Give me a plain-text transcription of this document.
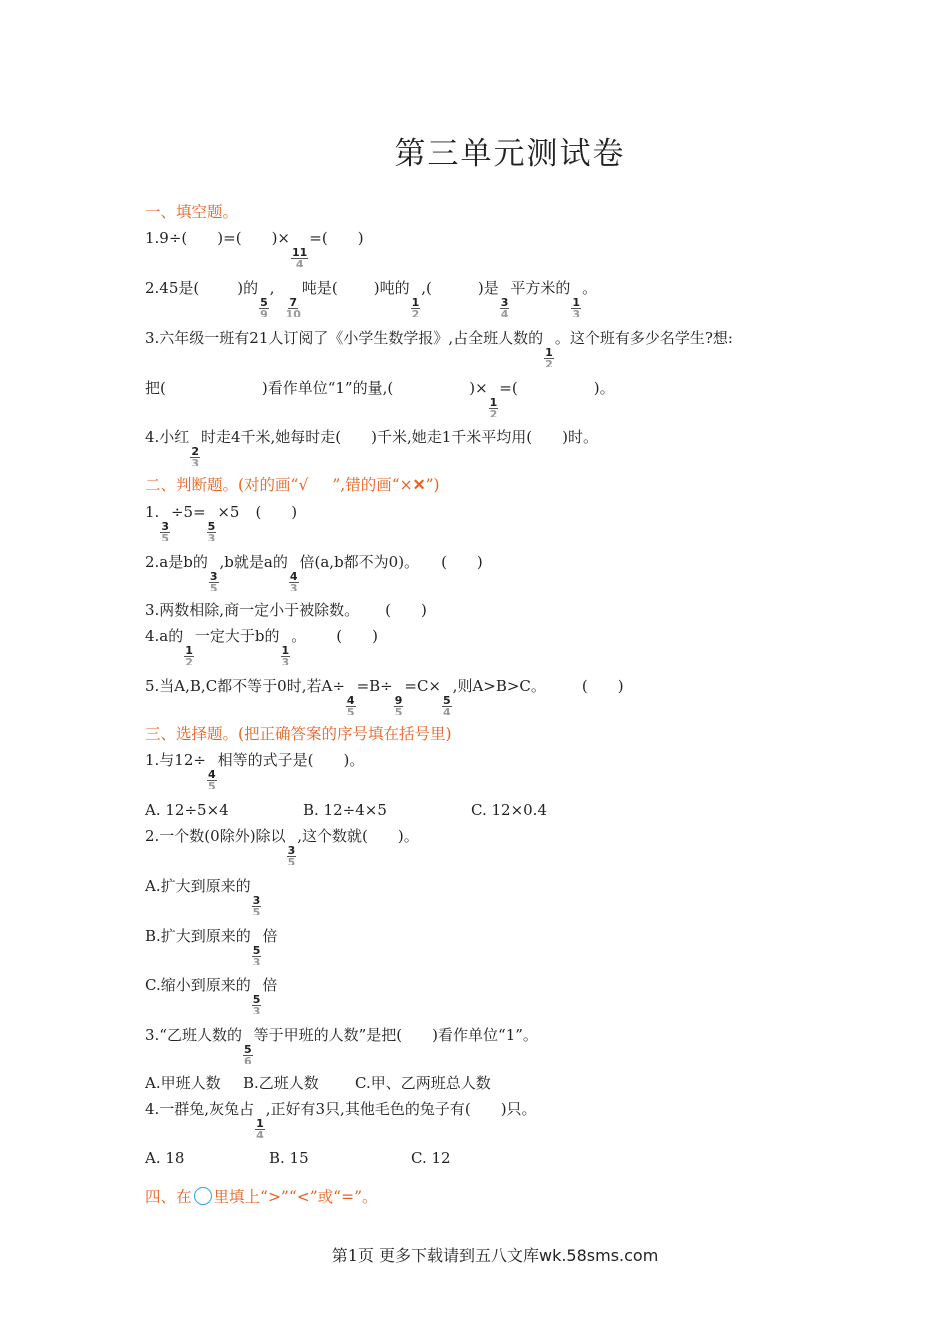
第三单元测试卷
一、填空题。
1.9÷( )=( )×
$\frac{11}{4}$
=( )
2.45是(	)的
$\frac{5}{9}$
,
$\frac{7}{10}$
吨是( )吨的
$\frac{1}{2}$
,(	)是
$\frac{3}{4}$
平方米的
$\frac{1}{3}$
。
3.六年级一班有21人订阅了《小学生数学报》,占全班人数的
$\frac{1}{2}$
。这个班有多少名学生?想:
把(	)看作单位“1”的量,(	)×
$\frac{1}{2}$
=(	)。
4.小红
$\frac{2}{3}$
时走4千米,她每时走( )千米,她走1千米平均用( )时。
二、判断题。(对的画“√ ”,错的画“×✕”)
1.
$\frac{3}{5}$
÷5=
$\frac{5}{3}$
×5 ( )
2.a是b的
$\frac{3}{5}$
,b就是a的
$\frac{4}{3}$
倍(a,b都不为0)。 ( )
3.两数相除,商一定小于被除数。 ( )
4.a的
$\frac{1}{2}$
一定大于b的
$\frac{1}{3}$
。 ( )
5.当A,B,C都不等于0时,若A÷
$\frac{4}{5}$
=B÷
$\frac{9}{5}$
=C×
$\frac{5}{4}$
,则A>B>C。 ( )
三、选择题。(把正确答案的序号填在括号里)
1.与12÷
$\frac{4}{5}$
相等的式子是( )。
A. 12÷5×4	B. 12÷4×5	C. 12×0.4
2.一个数(0除外)除以
$\frac{3}{5}$
,这个数就( )。
A.扩大到原来的
$\frac{3}{5}$
B.扩大到原来的
$\frac{5}{3}$
倍
C.缩小到原来的
$\frac{5}{3}$
倍
3.“乙班人数的
$\frac{5}{6}$
等于甲班的人数”是把( )看作单位“1”。
A.甲班人数 B.乙班人数 C.甲、乙两班总人数
4.一群兔,灰兔占
$\frac{1}{4}$
,正好有3只,其他毛色的兔子有( )只。
A. 18	B. 15	C. 12
四、在 里填上“>”“<”或“=”。
第1页 更多下载请到五八文库wk.58sms.com
